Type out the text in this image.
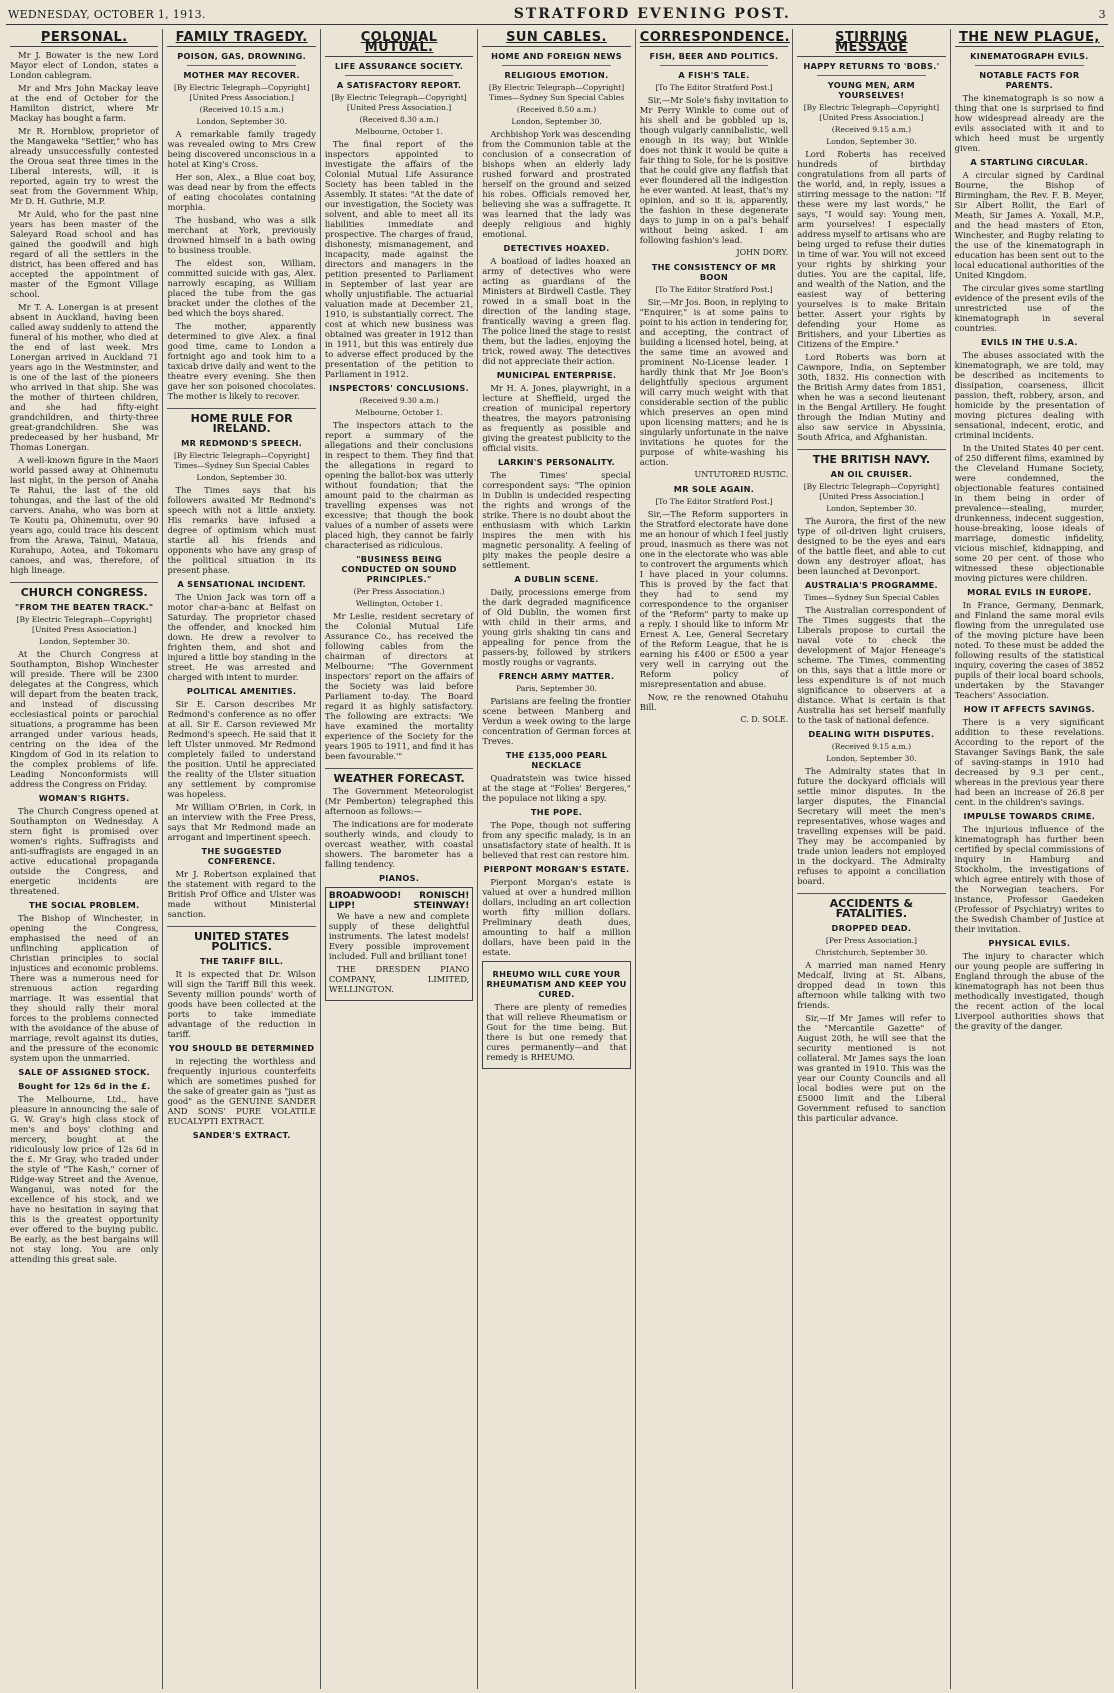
WEDNESDAY, OCTOBER 1, 1913.	STRATFORD EVENING POST.	3
PERSONAL.

Mr J. Bowater is the new Lord Mayor elect of London, states a London cablegram.

Mr and Mrs John Mackay leave at the end of October for the Hamilton district, where Mr Mackay has bought a farm.

Mr R. Hornblow, proprietor of the Mangaweka "Settler," who has already unsuccessfully contested the Oroua seat three times in the Liberal interests, will, it is reported, again try to wrest the seat from the Government Whip, Mr D. H. Guthrie, M.P.

Mr Auld, who for the past nine years has been master of the Saleyard Road school and has gained the goodwill and high regard of all the settlers in the district, has been offered and has accepted the appointment of master of the Egmont Village school.

Mr T. A. Lonergan is at present absent in Auckland, having been called away suddenly to attend the funeral of his mother, who died at the end of last week. Mrs Lonergan arrived in Auckland 71 years ago in the Westminster, and is one of the last of the pioneers who arrived in that ship. She was the mother of thirteen children, and she had fifty-eight grandchildren, and thirty-three great-grandchildren. She was predeceased by her husband, Mr Thomas Lonergan.

A well-known figure in the Maori world passed away at Ohinemutu last night, in the person of Anaha Te Rahui, the last of the old tohungas, and the last of the old carvers. Anaha, who was born at Te Koutu pa, Ohinemutu, over 90 years ago, could trace his descent from the Arawa, Tainui, Mataua, Kurahupo, Aotea, and Tokomaru canoes, and was, therefore, of high lineage.

CHURCH CONGRESS.
"FROM THE BEATEN TRACK."
[By Electric Telegraph—Copyright] [United Press Association.]
London, September 30.

At the Church Congress at Southampton, Bishop Winchester will preside. There will be 2300 delegates at the Congress, which will depart from the beaten track, and instead of discussing ecclesiastical points or parochial situations, a programme has been arranged under various heads, centring on the idea of the Kingdom of God in its relation to the complex problems of life. Leading Nonconformists will address the Congress on Friday.

WOMAN'S RIGHTS.

The Church Congress opened at Southampton on Wednesday. A stern fight is promised over women's rights. Suffragists and anti-suffragists are engaged in an active educational propaganda outside the Congress, and energetic incidents are threatened.

THE SOCIAL PROBLEM.

The Bishop of Winchester, in opening the Congress, emphasised the need of an unflinching application of Christian principles to social injustices and economic problems. There was a numerous need for strenuous action regarding marriage. It was essential that they should rally their moral forces to the problems connected with the avoidance of the abuse of marriage, revolt against its duties, and the pressure of the economic system upon the unmarried.

SALE OF ASSIGNED STOCK.
Bought for 12s 6d in the £.

The Melbourne, Ltd., have pleasure in announcing the sale of G. W. Gray's high class stock of men's and boys' clothing and mercery, bought at the ridiculously low price of 12s 6d in the £. Mr Gray, who traded under the style of "The Kash," corner of Ridge-way Street and the Avenue, Wanganui, was noted for the excellence of his stock, and we have no hesitation in saying that this is the greatest opportunity ever offered to the buying public. Be early, as the best bargains will not stay long. You are only attending this great sale.

FAMILY TRAGEDY.
POISON, GAS, DROWNING.
MOTHER MAY RECOVER.
[By Electric Telegraph—Copyright] [United Press Association.]
(Received 10.15 a.m.)
London, September 30.

A remarkable family tragedy was revealed owing to Mrs Crew being discovered unconscious in a hotel at King's Cross.

Her son, Alex., a Blue coat boy, was dead near by from the effects of eating chocolates containing morphia.

The husband, who was a silk merchant at York, previously drowned himself in a bath owing to business trouble.

The eldest son, William, committed suicide with gas, Alex. narrowly escaping, as William placed the tube from the gas bracket under the clothes of the bed which the boys shared.

The mother, apparently determined to give Alex. a final good time, came to London a fortnight ago and took him to a taxicab drive daily and went to the theatre every evening. She then gave her son poisoned chocolates. The mother is likely to recover.

HOME RULE FOR IRELAND.
MR REDMOND'S SPEECH.
[By Electric Telegraph—Copyright] Times—Sydney Sun Special Cables
London, September 30.

The Times says that his followers awaited Mr Redmond's speech with not a little anxiety. His remarks have infused a degree of optimism which must startle all his friends and opponents who have any grasp of the political situation in its present phase.

A SENSATIONAL INCIDENT.

The Union Jack was torn off a motor char-a-banc at Belfast on Saturday. The proprietor chased the offender, and knocked him down. He drew a revolver to frighten them, and shot and injured a little boy standing in the street. He was arrested and charged with intent to murder.

POLITICAL AMENITIES.

Sir E. Carson describes Mr Redmond's conference as no offer at all. Sir E. Carson reviewed Mr Redmond's speech. He said that it left Ulster unmoved. Mr Redmond completely failed to understand the position. Until he appreciated the reality of the Ulster situation any settlement by compromise was hopeless.

Mr William O'Brien, in Cork, in an interview with the Free Press, says that Mr Redmond made an arrogant and impertinent speech.

THE SUGGESTED CONFERENCE.

Mr J. Robertson explained that the statement with regard to the British Prof Office and Ulster was made without Ministerial sanction.

UNITED STATES POLITICS.
THE TARIFF BILL.

It is expected that Dr. Wilson will sign the Tariff Bill this week. Seventy million pounds' worth of goods have been collected at the ports to take immediate advantage of the reduction in tariff.

YOU SHOULD BE DETERMINED

in rejecting the worthless and frequently injurious counterfeits which are sometimes pushed for the sake of greater gain as "just as good" as the GENUINE SANDER AND SONS' PURE VOLATILE EUCALYPTI EXTRACT.

SANDER'S EXTRACT.
COLONIAL MUTUAL.
LIFE ASSURANCE SOCIETY.
A SATISFACTORY REPORT.
[By Electric Telegraph—Copyright] [United Press Association.]
(Received 8.30 a.m.)
Melbourne, October 1.

The final report of the inspectors appointed to investigate the affairs of the Colonial Mutual Life Assurance Society has been tabled in the Assembly. It states: "At the date of our investigation, the Society was solvent, and able to meet all its liabilities immediate and prospective. The charges of fraud, dishonesty, mismanagement, and incapacity, made against the directors and managers in the petition presented to Parliament in September of last year are wholly unjustifiable. The actuarial valuation made at December 21, 1910, is substantially correct. The cost at which new business was obtained was greater in 1912 than in 1911, but this was entirely due to adverse effect produced by the presentation of the petition to Parliament in 1912.

INSPECTORS' CONCLUSIONS.
(Received 9.30 a.m.)
Melbourne, October 1.

The inspectors attach to the report a summary of the allegations and their conclusions in respect to them. They find that the allegations in regard to opening the ballot-box was utterly without foundation; that the amount paid to the chairman as travelling expenses was not excessive; that though the book values of a number of assets were placed high, they cannot be fairly characterised as ridiculous.

"BUSINESS BEING CONDUCTED ON SOUND PRINCIPLES."
(Per Press Association.)
Wellington, October 1.

Mr Leslie, resident secretary of the Colonial Mutual Life Assurance Co., has received the following cables from the chairman of directors at Melbourne: "The Government inspectors' report on the affairs of the Society was laid before Parliament to-day. The Board regard it as highly satisfactory. The following are extracts: 'We have examined the mortality experience of the Society for the years 1905 to 1911, and find it has been favourable.'"

WEATHER FORECAST.

The Government Meteorologist (Mr Pemberton) telegraphed this afternoon as follows:—

The indications are for moderate southerly winds, and cloudy to overcast weather, with coastal showers. The barometer has a falling tendency.

PIANOS.
BROADWOOD! RONISCH!
LIPP!	STEINWAY!

We have a new and complete supply of these delightful instruments. The latest models! Every possible improvement included. Full and brilliant tone!

THE DRESDEN PIANO COMPANY, LIMITED, WELLINGTON.

SUN CABLES.
HOME AND FOREIGN NEWS
RELIGIOUS EMOTION.
[By Electric Telegraph—Copyright] Times—Sydney Sun Special Cables
(Received 8.50 a.m.)
London, September 30.

Archbishop York was descending from the Communion table at the conclusion of a consecration of bishops when an elderly lady rushed forward and prostrated herself on the ground and seized his robes. Officials removed her, believing she was a suffragette. It was learned that the lady was deeply religious and highly emotional.

DETECTIVES HOAXED.

A boatload of ladies hoaxed an army of detectives who were acting as guardians of the Ministers at Birdwell Castle. They rowed in a small boat in the direction of the landing stage, frantically waving a green flag. The police lined the stage to resist them, but the ladies, enjoying the trick, rowed away. The detectives did not appreciate their action.

MUNICIPAL ENTERPRISE.

Mr H. A. Jones, playwright, in a lecture at Sheffield, urged the creation of municipal repertory theatres, the mayors patronising as frequently as possible and giving the greatest publicity to the official visits.

LARKIN'S PERSONALITY.

The Times' special correspondent says: "The opinion in Dublin is undecided respecting the rights and wrongs of the strike. There is no doubt about the enthusiasm with which Larkin inspires the men with his magnetic personality. A feeling of pity makes the people desire a settlement.

A DUBLIN SCENE.

Daily, processions emerge from the dark degraded magnificence of Old Dublin, the women first with child in their arms, and young girls shaking tin cans and appealing for pence from the passers-by, followed by strikers mostly roughs or vagrants.

FRENCH ARMY MATTER.
Paris, September 30.

Parisians are feeling the frontier scene between Manberg and Verdun a week owing to the large concentration of German forces at Treves.

THE £135,000 PEARL NECKLACE

Quadratstein was twice hissed at the stage at "Folies' Bergeres," the populace not liking a spy.

THE POPE.

The Pope, though not suffering from any specific malady, is in an unsatisfactory state of health. It is believed that rest can restore him.

PIERPONT MORGAN'S ESTATE.

Pierpont Morgan's estate is valued at over a hundred million dollars, including an art collection worth fifty million dollars. Preliminary death dues, amounting to half a million dollars, have been paid in the estate.

RHEUMO WILL CURE YOUR RHEUMATISM AND KEEP YOU CURED.

There are plenty of remedies that will relieve Rheumatism or Gout for the time being. But there is but one remedy that cures permanently—and that remedy is RHEUMO.

CORRESPONDENCE.
FISH, BEER AND POLITICS.
A FISH'S TALE.
[To The Editor Stratford Post.]

Sir,—Mr Sole's fishy invitation to Mr Perry Winkle to come out of his shell and be gobbled up is, though vulgarly cannibalistic, well enough in its way; but Winkle does not think it would be quite a fair thing to Sole, for he is positive that he could give any flatfish that ever floundered all the indigestion he ever wanted. At least, that's my opinion, and so it is, apparently, the fashion in these degenerate days to jump in on a pal's behalf without being asked. I am following fashion's lead.

JOHN DORY.
THE CONSISTENCY OF MR BOON
[To The Editor Stratford Post.]

Sir,—Mr Jos. Boon, in replying to "Enquirer," is at some pains to point to his action in tendering for, and accepting, the contract of building a licensed hotel, being, at the same time an avowed and prominent No-License leader. I hardly think that Mr Joe Boon's delightfully specious argument will carry much weight with that considerable section of the public which preserves an open mind upon licensing matters; and he is singularly unfortunate in the naive invitations he quotes for the purpose of white-washing his action.

UNTUTORED RUSTIC.
MR SOLE AGAIN.
[To The Editor Stratford Post.]

Sir,—The Reform supporters in the Stratford electorate have done me an honour of which I feel justly proud, inasmuch as there was not one in the electorate who was able to controvert the arguments which I have placed in your columns. This is proved by the fact that they had to send my correspondence to the organiser of the "Reform" party to make up a reply. I should like to inform Mr Ernest A. Lee, General Secretary of the Reform League, that he is earning his £400 or £500 a year very well in carrying out the Reform policy of misrepresentation and abuse.

Now, re the renowned Otahuhu Bill.

C. D. SOLE.
STIRRING MESSAGE
HAPPY RETURNS TO 'BOBS.'
YOUNG MEN, ARM YOURSELVES!
[By Electric Telegraph—Copyright] [United Press Association.]
(Received 9.15 a.m.)
London, September 30.

Lord Roberts has received hundreds of birthday congratulations from all parts of the world, and, in reply, issues a stirring message to the nation: "If these were my last words," he says, "I would say: Young men, arm yourselves! I especially address myself to artisans who are being urged to refuse their duties in time of war. You will not exceed your rights by shirking your duties. You are the capital, life, and wealth of the Nation, and the easiest way of bettering yourselves is to make Britain better. Assert your rights by defending your Home as Britishers, and your Liberties as Citizens of the Empire."

Lord Roberts was born at Cawnpore, India, on September 30th, 1832. His connection with the British Army dates from 1851, when he was a second lieutenant in the Bengal Artillery. He fought through the Indian Mutiny and also saw service in Abyssinia, South Africa, and Afghanistan.

THE BRITISH NAVY.
AN OIL CRUISER.
[By Electric Telegraph—Copyright] [United Press Association.]
London, September 30.

The Aurora, the first of the new type of oil-driven light cruisers, designed to be the eyes and ears of the battle fleet, and able to cut down any destroyer afloat, has been launched at Devonport.

AUSTRALIA'S PROGRAMME.
Times—Sydney Sun Special Cables

The Australian correspondent of The Times suggests that the Liberals propose to curtail the naval vote to check the development of Major Heneage's scheme. The Times, commenting on this, says that a little more or less expenditure is of not much significance to observers at a distance. What is certain is that Australia has set herself manfully to the task of national defence.

DEALING WITH DISPUTES.
(Received 9.15 a.m.)
London, September 30.

The Admiralty states that in future the dockyard officials will settle minor disputes. In the larger disputes, the Financial Secretary will meet the men's representatives, whose wages and travelling expenses will be paid. They may be accompanied by trade union leaders not employed in the dockyard. The Admiralty refuses to appoint a conciliation board.

ACCIDENTS & FATALITIES.
DROPPED DEAD.
[Per Press Association.]
Christchurch, September 30.

A married man named Henry Medcalf, living at St. Albans, dropped dead in town this afternoon while talking with two friends.

Sir,—If Mr James will refer to the "Mercantile Gazette" of August 20th, he will see that the security mentioned is not collateral. Mr James says the loan was granted in 1910. This was the year our County Councils and all local bodies were put on the £5000 limit and the Liberal Government refused to sanction this particular advance.

THE NEW PLAGUE,
KINEMATOGRAPH EVILS.
NOTABLE FACTS FOR PARENTS.

The kinematograph is so now a thing that one is surprised to find how widespread already are the evils associated with it and to which heed must be urgently given.

A STARTLING CIRCULAR.

A circular signed by Cardinal Bourne, the Bishop of Birmingham, the Rev. F. B. Meyer, Sir Albert Rollit, the Earl of Meath, Sir James A. Yoxall, M.P., and the head masters of Eton, Winchester, and Rugby relating to the use of the kinematograph in education has been sent out to the local educational authorities of the United Kingdom.

The circular gives some startling evidence of the present evils of the unrestricted use of the kinematograph in several countries.

EVILS IN THE U.S.A.

The abuses associated with the kinematograph, we are told, may be described as incitements to dissipation, coarseness, illicit passion, theft, robbery, arson, and homicide by the presentation of moving pictures dealing with sensational, indecent, erotic, and criminal incidents.

In the United States 40 per cent. of 250 different films, examined by the Cleveland Humane Society, were condemned, the objectionable features contained in them being in order of prevalence—stealing, murder, drunkenness, indecent suggestion, house-breaking, loose ideals of marriage, domestic infidelity, vicious mischief, kidnapping, and some 20 per cent. of those who witnessed these objectionable moving pictures were children.

MORAL EVILS IN EUROPE.

In France, Germany, Denmark, and Finland the same moral evils flowing from the unregulated use of the moving picture have been noted. To these must be added the following results of the statistical inquiry, covering the cases of 3852 pupils of their local board schools, undertaken by the Stavanger Teachers' Association.

HOW IT AFFECTS SAVINGS.

There is a very significant addition to these revelations. According to the report of the Stavanger Savings Bank, the sale of saving-stamps in 1910 had decreased by 9.3 per cent., whereas in the previous year there had been an increase of 26.8 per cent. in the children's savings.

IMPULSE TOWARDS CRIME.

The injurious influence of the kinematograph has further been certified by special commissions of inquiry in Hamburg and Stockholm, the investigations of which agree entirely with those of the Norwegian teachers. For instance, Professor Gaedeken (Professor of Psychiatry) writes to the Swedish Chamber of Justice at their invitation.

PHYSICAL EVILS.

The injury to character which our young people are suffering in England through the abuse of the kinematograph has not been thus methodically investigated, though the recent action of the local Liverpool authorities shows that the gravity of the danger.
